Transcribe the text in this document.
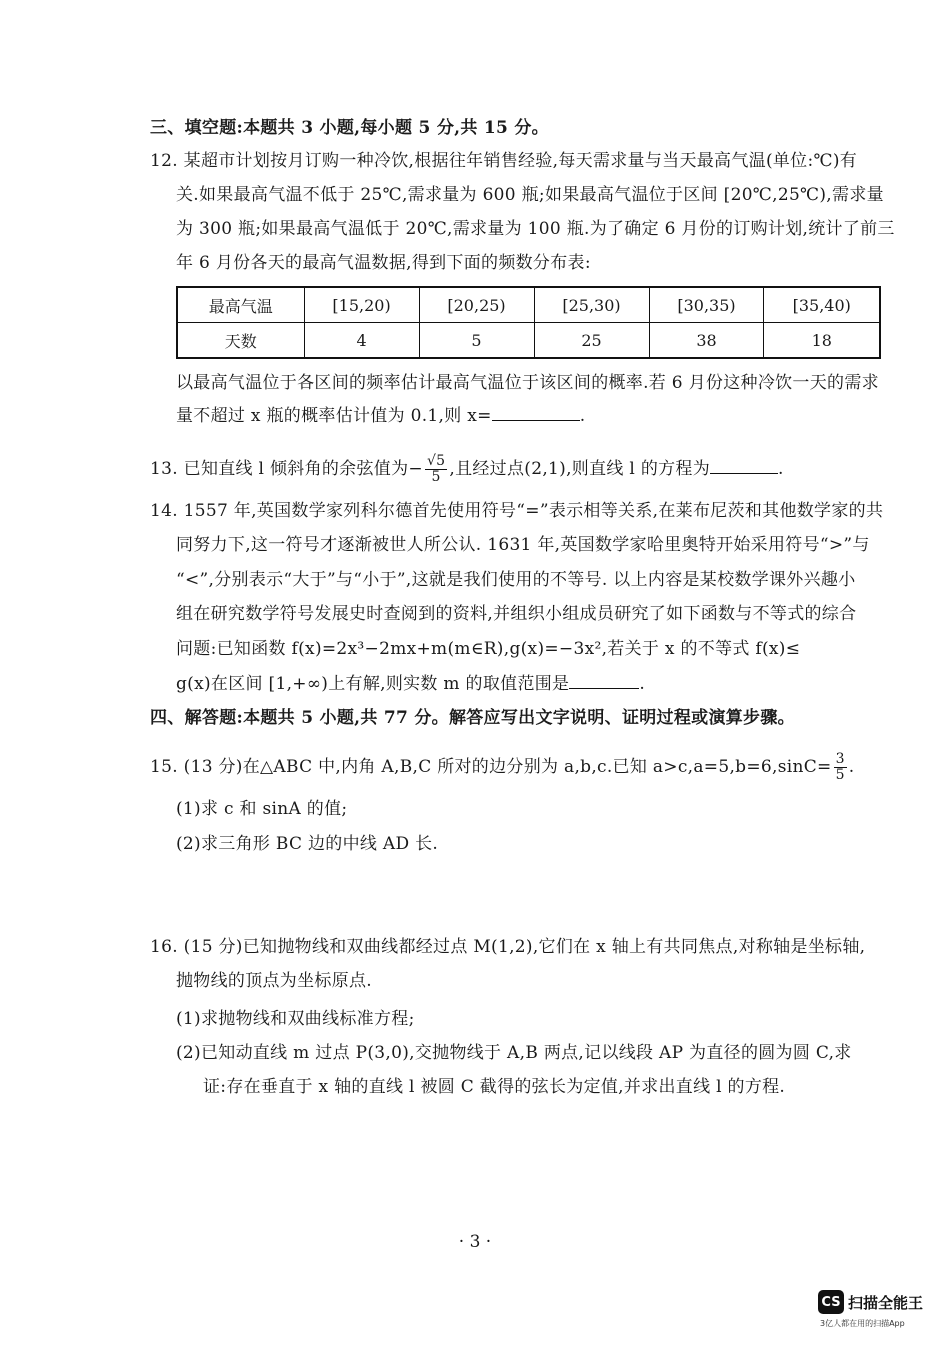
三、填空题:本题共 3 小题,每小题 5 分,共 15 分。
12. 某超市计划按月订购一种冷饮,根据往年销售经验,每天需求量与当天最高气温(单位:℃)有
关.如果最高气温不低于 25℃,需求量为 600 瓶;如果最高气温位于区间 [20℃,25℃),需求量
为 300 瓶;如果最高气温低于 20℃,需求量为 100 瓶.为了确定 6 月份的订购计划,统计了前三
年 6 月份各天的最高气温数据,得到下面的频数分布表:
最高气温	[15,20)	[20,25)	[25,30)	[30,35)	[35,40)
天数	4	5	25	38	18
以最高气温位于各区间的频率估计最高气温位于该区间的概率.若 6 月份这种冷饮一天的需求
量不超过 x 瓶的概率估计值为 0.1,则 x=	.
13. 已知直线 l 倾斜角的余弦值为− $\frac{√5}{5}$ ,且经过点(2,1),则直线 l 的方程为	.
14. 1557 年,英国数学家列科尔德首先使用符号“=”表示相等关系,在莱布尼茨和其他数学家的共
同努力下,这一符号才逐渐被世人所公认. 1631 年,英国数学家哈里奥特开始采用符号“>”与
“<”,分别表示“大于”与“小于”,这就是我们使用的不等号. 以上内容是某校数学课外兴趣小
组在研究数学符号发展史时查阅到的资料,并组织小组成员研究了如下函数与不等式的综合
问题:已知函数 f(x)=2x³−2mx+m(m∈R),g(x)=−3x²,若关于 x 的不等式 f(x)≤
g(x)在区间 [1,+∞)上有解,则实数 m 的取值范围是	.
四、解答题:本题共 5 小题,共 77 分。解答应写出文字说明、证明过程或演算步骤。
15. (13 分)在△ABC 中,内角 A,B,C 所对的边分别为 a,b,c.已知 $a>c,a=5,b=6,\sin C= \frac{3}{5}$ .
(1)求 c 和 sinA 的值;
(2)求三角形 BC 边的中线 AD 长.
16. (15 分)已知抛物线和双曲线都经过点 M(1,2),它们在 x 轴上有共同焦点,对称轴是坐标轴,
抛物线的顶点为坐标原点.
(1)求抛物线和双曲线标准方程;
(2)已知动直线 m 过点 P(3,0),交抛物线于 A,B 两点,记以线段 AP 为直径的圆为圆 C,求
证:存在垂直于 x 轴的直线 l 被圆 C 截得的弦长为定值,并求出直线 l 的方程.
· 3 ·
CS 扫描全能王
3亿人都在用的扫描App
